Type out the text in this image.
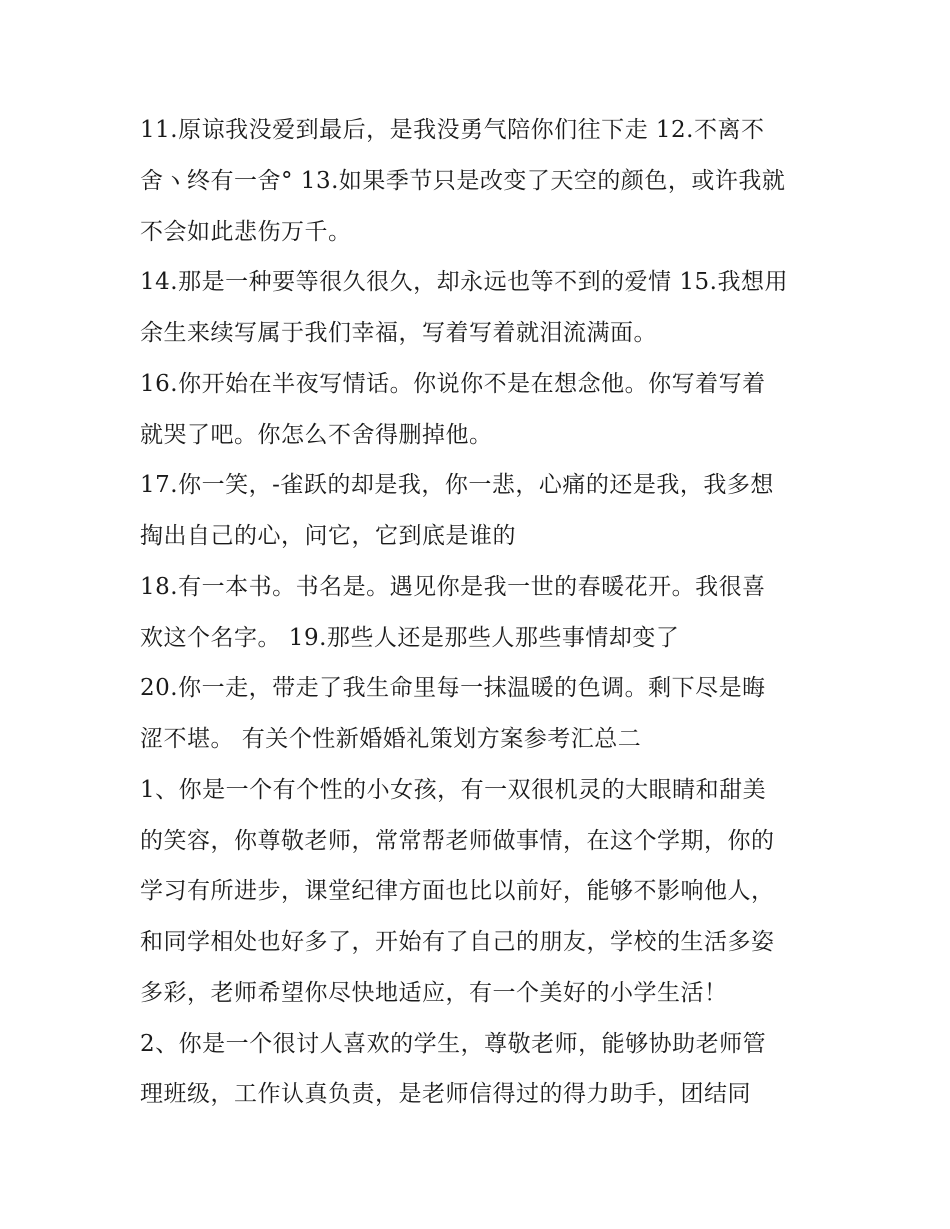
11.原谅我没爱到最后，是我没勇气陪你们往下走 12.不离不
舍ヽ终有一舍° 13.如果季节只是改变了天空的颜色，或许我就
不会如此悲伤万千。
14.那是一种要等很久很久，却永远也等不到的爱情 15.我想用
余生来续写属于我们幸福，写着写着就泪流满面。
16.你开始在半夜写情话。你说你不是在想念他。你写着写着
就哭了吧。你怎么不舍得删掉他。
17.你一笑，-雀跃的却是我，你一悲，心痛的还是我，我多想
掏出自己的心，问它，它到底是谁的
18.有一本书。书名是。遇见你是我一世的春暖花开。我很喜
欢这个名字。 19.那些人还是那些人那些事情却变了
20.你一走，带走了我生命里每一抹温暖的色调。剩下尽是晦
涩不堪。 有关个性新婚婚礼策划方案参考汇总二
1、你是一个有个性的小女孩，有一双很机灵的大眼睛和甜美
的笑容，你尊敬老师，常常帮老师做事情，在这个学期，你的
学习有所进步，课堂纪律方面也比以前好，能够不影响他人，
和同学相处也好多了，开始有了自己的朋友，学校的生活多姿
多彩，老师希望你尽快地适应，有一个美好的小学生活！
2、你是一个很讨人喜欢的学生，尊敬老师，能够协助老师管
理班级，工作认真负责，是老师信得过的得力助手，团结同
